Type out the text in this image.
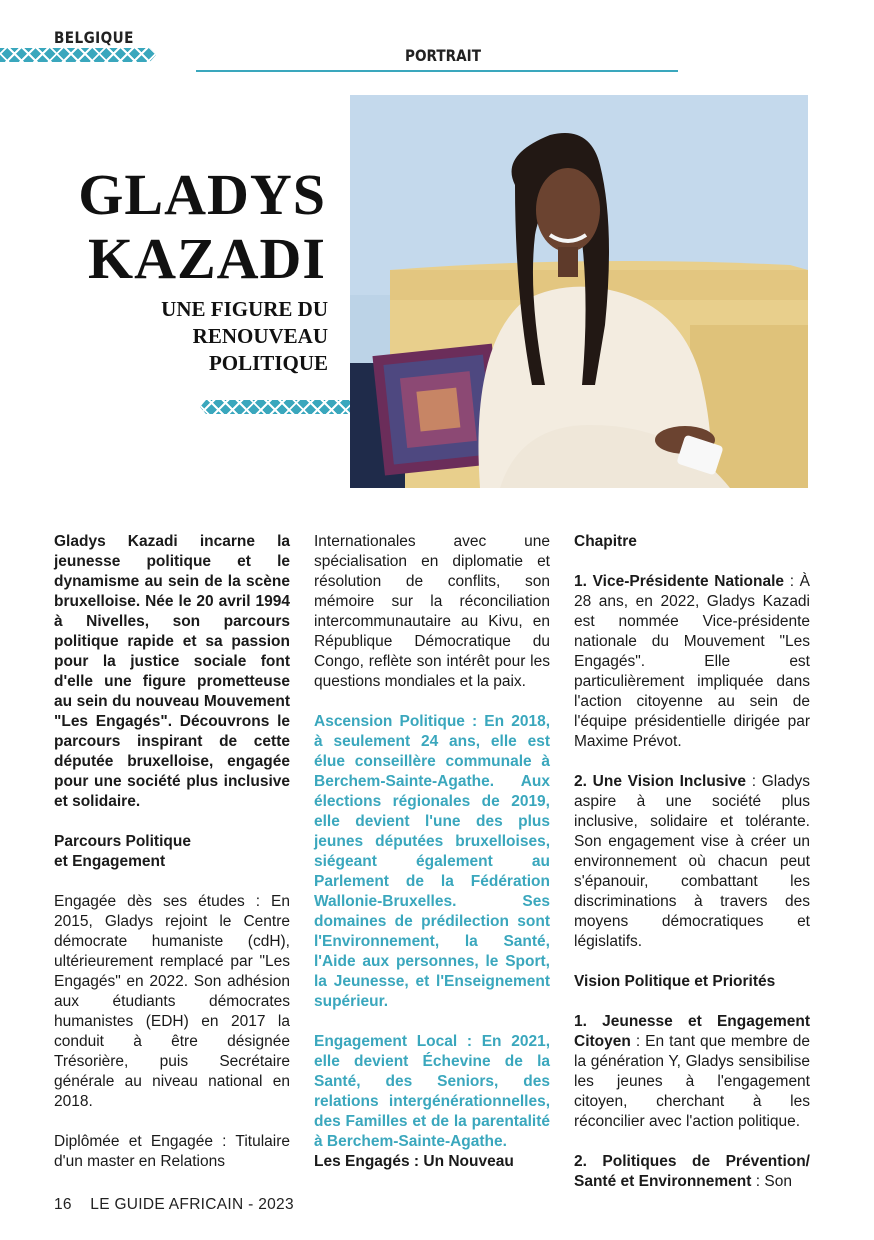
BELGIQUE
PORTRAIT
GLADYS
KAZADI
UNE FIGURE DU
RENOUVEAU
POLITIQUE

Gladys Kazadi incarne la jeunesse politique et le dynamisme au sein de la scène bruxelloise. Née le 20 avril 1994 à Nivelles, son parcours politique rapide et sa passion pour la justice sociale font d'elle une figure prometteuse au sein du nouveau Mouvement "Les Engagés". Découvrons le parcours inspirant de cette députée bruxelloise, engagée pour une société plus inclusive et solidaire.

Parcours Politique
et Engagement

Engagée dès ses études : En 2015, Gladys rejoint le Centre démocrate humaniste (cdH), ultérieurement remplacé par "Les Engagés" en 2022. Son adhésion aux étudiants démocrates humanistes (EDH) en 2017 la conduit à être désignée Trésorière, puis Secrétaire générale au niveau national en 2018.

Diplômée et Engagée : Titulaire d'un master en Relations

Internationales avec une spécialisation en diplomatie et résolution de conflits, son mémoire sur la réconciliation intercommunautaire au Kivu, en République Démocratique du Congo, reflète son intérêt pour les questions mondiales et la paix.

Ascension Politique : En 2018, à seulement 24 ans, elle est élue conseillère communale à Berchem-Sainte-Agathe. Aux élections régionales de 2019, elle devient l'une des plus jeunes députées bruxelloises, siégeant également au Parlement de la Fédération Wallonie-Bruxelles. Ses domaines de prédilection sont l'Environnement, la Santé, l'Aide aux personnes, le Sport, la Jeunesse, et l'Enseignement supérieur.

Engagement Local : En 2021, elle devient Échevine de la Santé, des Seniors, des relations intergénérationnelles, des Familles et de la parentalité à Berchem-Sainte-Agathe.

Les Engagés : Un Nouveau

Chapitre

1. Vice-Présidente Nationale : À 28 ans, en 2022, Gladys Kazadi est nommée Vice-présidente nationale du Mouvement "Les Engagés". Elle est particulièrement impliquée dans l'action citoyenne au sein de l'équipe présidentielle dirigée par Maxime Prévot.

2. Une Vision Inclusive : Gladys aspire à une société plus inclusive, solidaire et tolérante. Son engagement vise à créer un environnement où chacun peut s'épanouir, combattant les discriminations à travers des moyens démocratiques et législatifs.

Vision Politique et Priorités

1. Jeunesse et Engagement Citoyen : En tant que membre de la génération Y, Gladys sensibilise les jeunes à l'engagement citoyen, cherchant à les réconcilier avec l'action politique.

2. Politiques de Prévention/ Santé et Environnement : Son

16 LE GUIDE AFRICAIN - 2023
